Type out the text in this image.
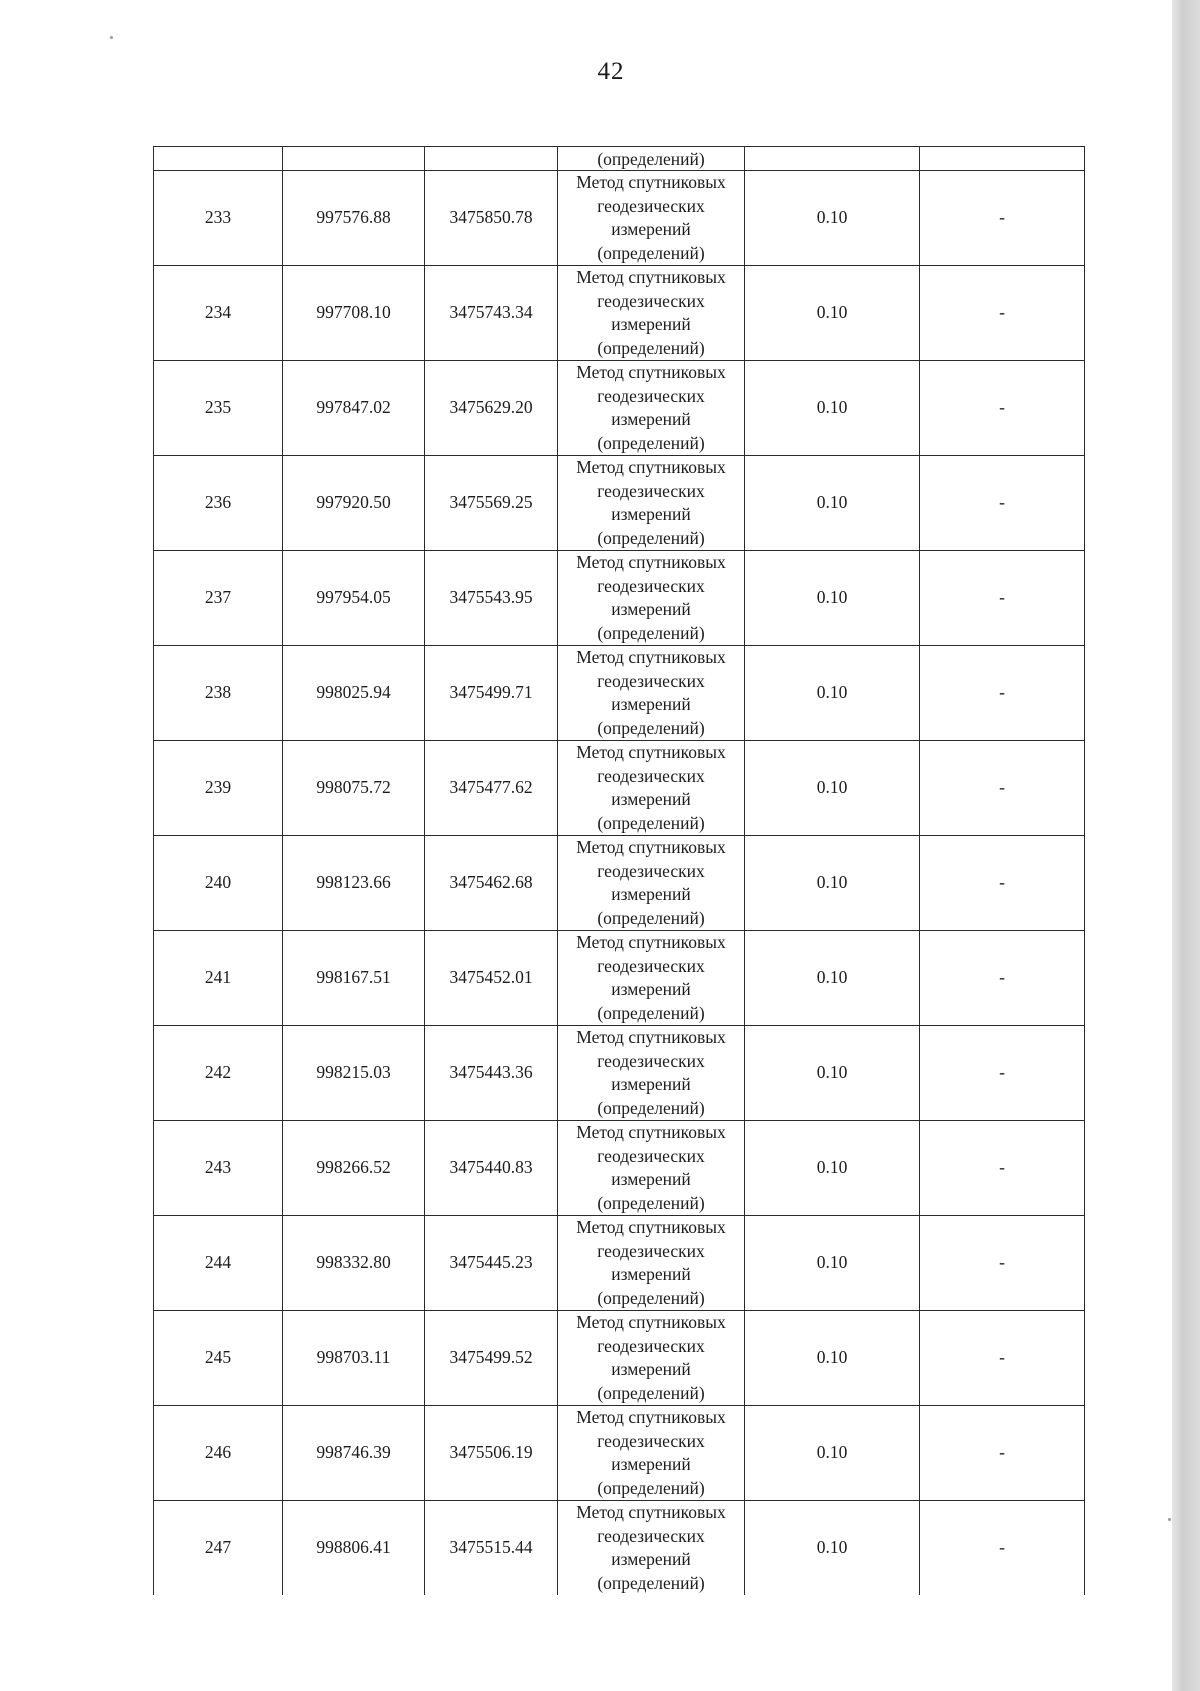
42
			(определений)		
233	997576.88	3475850.78	Метод спутниковых
геодезических
измерений
(определений)	0.10	-
234	997708.10	3475743.34	Метод спутниковых
геодезических
измерений
(определений)	0.10	-
235	997847.02	3475629.20	Метод спутниковых
геодезических
измерений
(определений)	0.10	-
236	997920.50	3475569.25	Метод спутниковых
геодезических
измерений
(определений)	0.10	-
237	997954.05	3475543.95	Метод спутниковых
геодезических
измерений
(определений)	0.10	-
238	998025.94	3475499.71	Метод спутниковых
геодезических
измерений
(определений)	0.10	-
239	998075.72	3475477.62	Метод спутниковых
геодезических
измерений
(определений)	0.10	-
240	998123.66	3475462.68	Метод спутниковых
геодезических
измерений
(определений)	0.10	-
241	998167.51	3475452.01	Метод спутниковых
геодезических
измерений
(определений)	0.10	-
242	998215.03	3475443.36	Метод спутниковых
геодезических
измерений
(определений)	0.10	-
243	998266.52	3475440.83	Метод спутниковых
геодезических
измерений
(определений)	0.10	-
244	998332.80	3475445.23	Метод спутниковых
геодезических
измерений
(определений)	0.10	-
245	998703.11	3475499.52	Метод спутниковых
геодезических
измерений
(определений)	0.10	-
246	998746.39	3475506.19	Метод спутниковых
геодезических
измерений
(определений)	0.10	-
247	998806.41	3475515.44	Метод спутниковых
геодезических
измерений
(определений)	0.10	-
